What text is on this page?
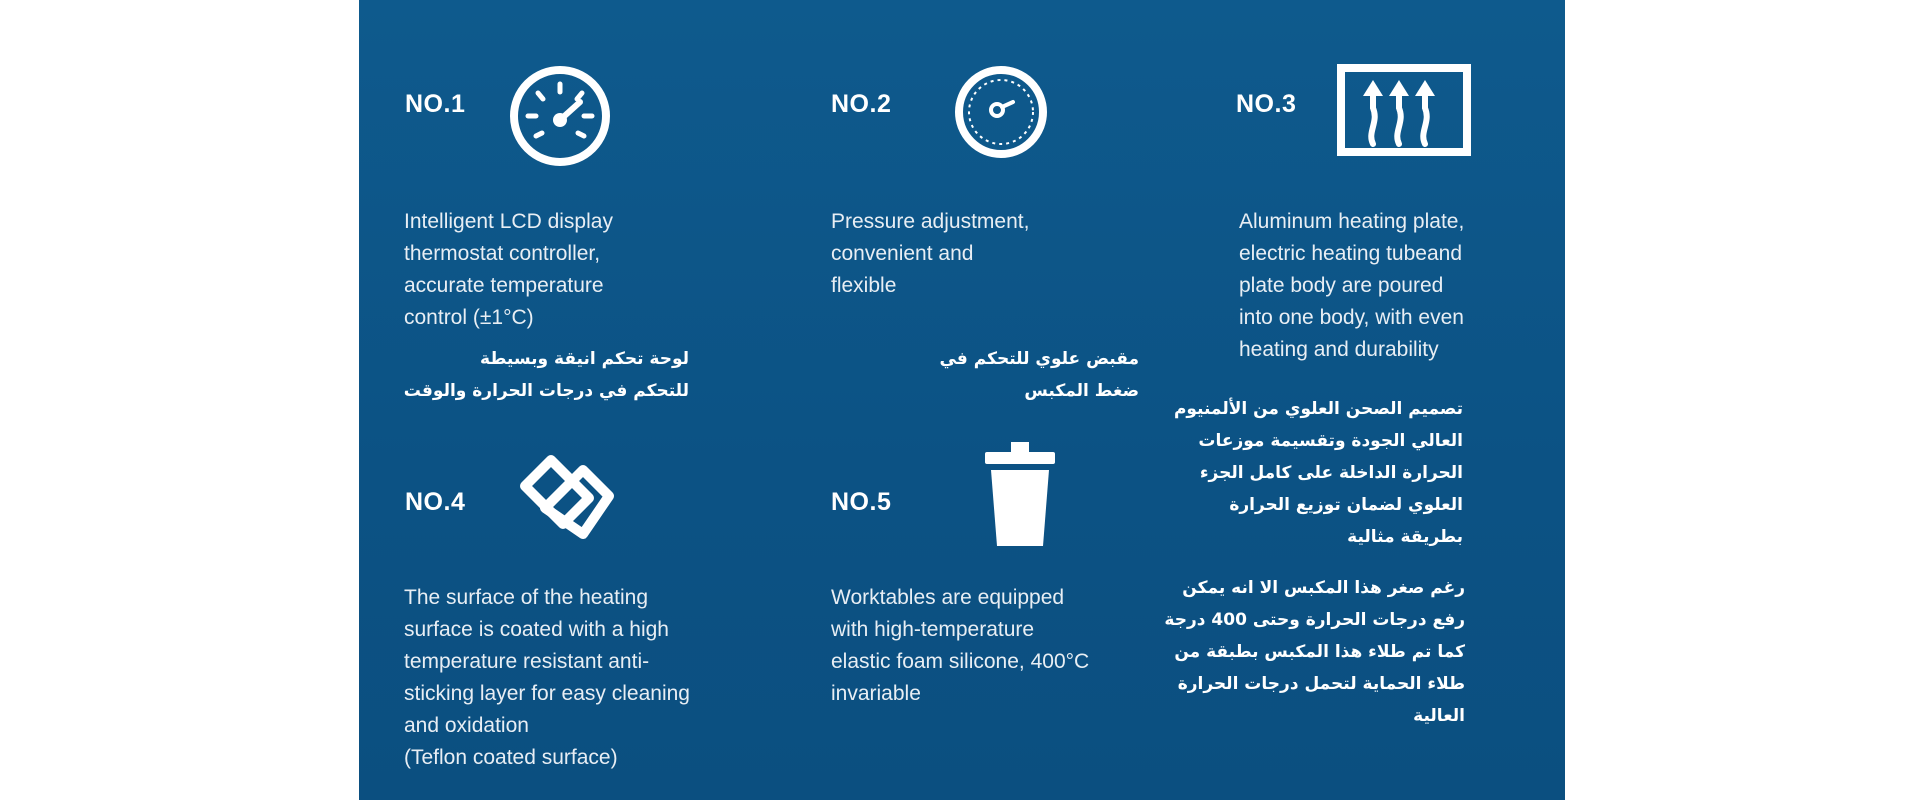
NO.1
Intelligent LCD display
thermostat controller,
accurate temperature
control (±1°C)
لوحة تحكم انيقة وبسيطة
للتحكم في درجات الحرارة والوقت
NO.2
Pressure adjustment,
convenient and
flexible
مقبض علوي للتحكم في
ضغط المكبس
NO.3
Aluminum heating plate,
electric heating tubeand
plate body are poured
into one body, with even
heating and durability
تصميم الصحن العلوي من الألمنيوم
العالي الجودة وتقسيمة موزعات
الحرارة الداخلة على كامل الجزء
العلوي لضمان توزيع الحرارة
بطريقة مثالية
NO.4
The surface of the heating
surface is coated with a high
temperature resistant anti-
sticking layer for easy cleaning
and oxidation
(Teflon coated surface)
NO.5
Worktables are equipped
with high-temperature
elastic foam silicone, 400°C
invariable
رغم صغر هذا المكبس الا انه يمكن
رفع درجات الحرارة وحتى 400 درجة
كما تم طلاء هذا المكبس بطبقة من
طلاء الحماية لتحمل درجات الحرارة
العالية
